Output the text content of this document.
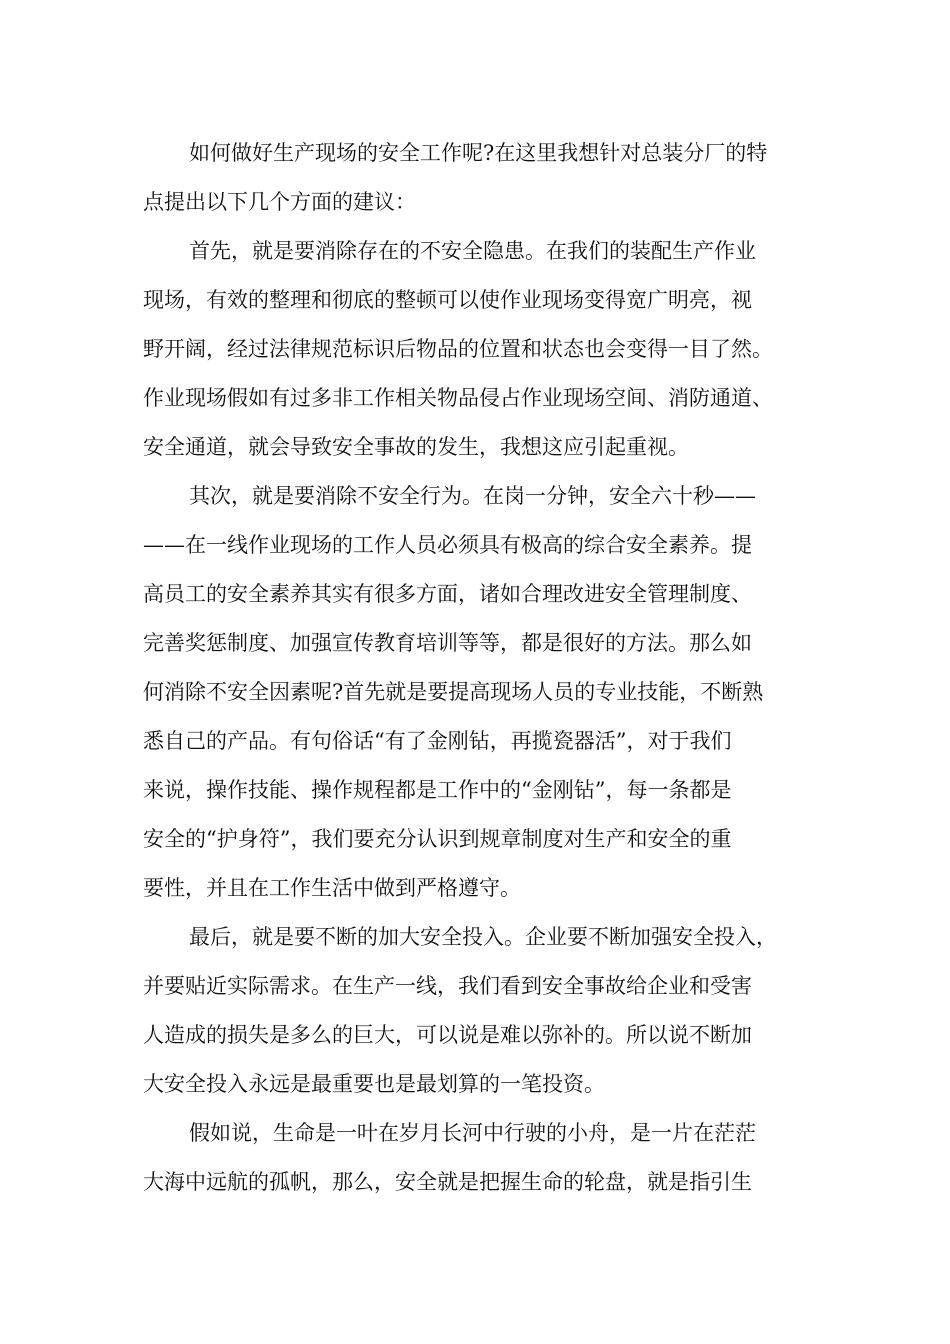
如何做好生产现场的安全工作呢?在这里我想针对总装分厂的特
点提出以下几个方面的建议：
首先，就是要消除存在的不安全隐患。在我们的装配生产作业
现场，有效的整理和彻底的整顿可以使作业现场变得宽广明亮，视
野开阔，经过法律规范标识后物品的位置和状态也会变得一目了然。
作业现场假如有过多非工作相关物品侵占作业现场空间、消防通道、
安全通道，就会导致安全事故的发生，我想这应引起重视。
其次，就是要消除不安全行为。在岗一分钟，安全六十秒——
——在一线作业现场的工作人员必须具有极高的综合安全素养。提
高员工的安全素养其实有很多方面，诸如合理改进安全管理制度、
完善奖惩制度、加强宣传教育培训等等，都是很好的方法。那么如
何消除不安全因素呢?首先就是要提高现场人员的专业技能，不断熟
悉自己的产品。有句俗话“有了金刚钻，再揽瓷器活”，对于我们
来说，操作技能、操作规程都是工作中的“金刚钻”，每一条都是
安全的“护身符”，我们要充分认识到规章制度对生产和安全的重
要性，并且在工作生活中做到严格遵守。
最后，就是要不断的加大安全投入。企业要不断加强安全投入，
并要贴近实际需求。在生产一线，我们看到安全事故给企业和受害
人造成的损失是多么的巨大，可以说是难以弥补的。所以说不断加
大安全投入永远是最重要也是最划算的一笔投资。
假如说，生命是一叶在岁月长河中行驶的小舟，是一片在茫茫
大海中远航的孤帆，那么，安全就是把握生命的轮盘，就是指引生
